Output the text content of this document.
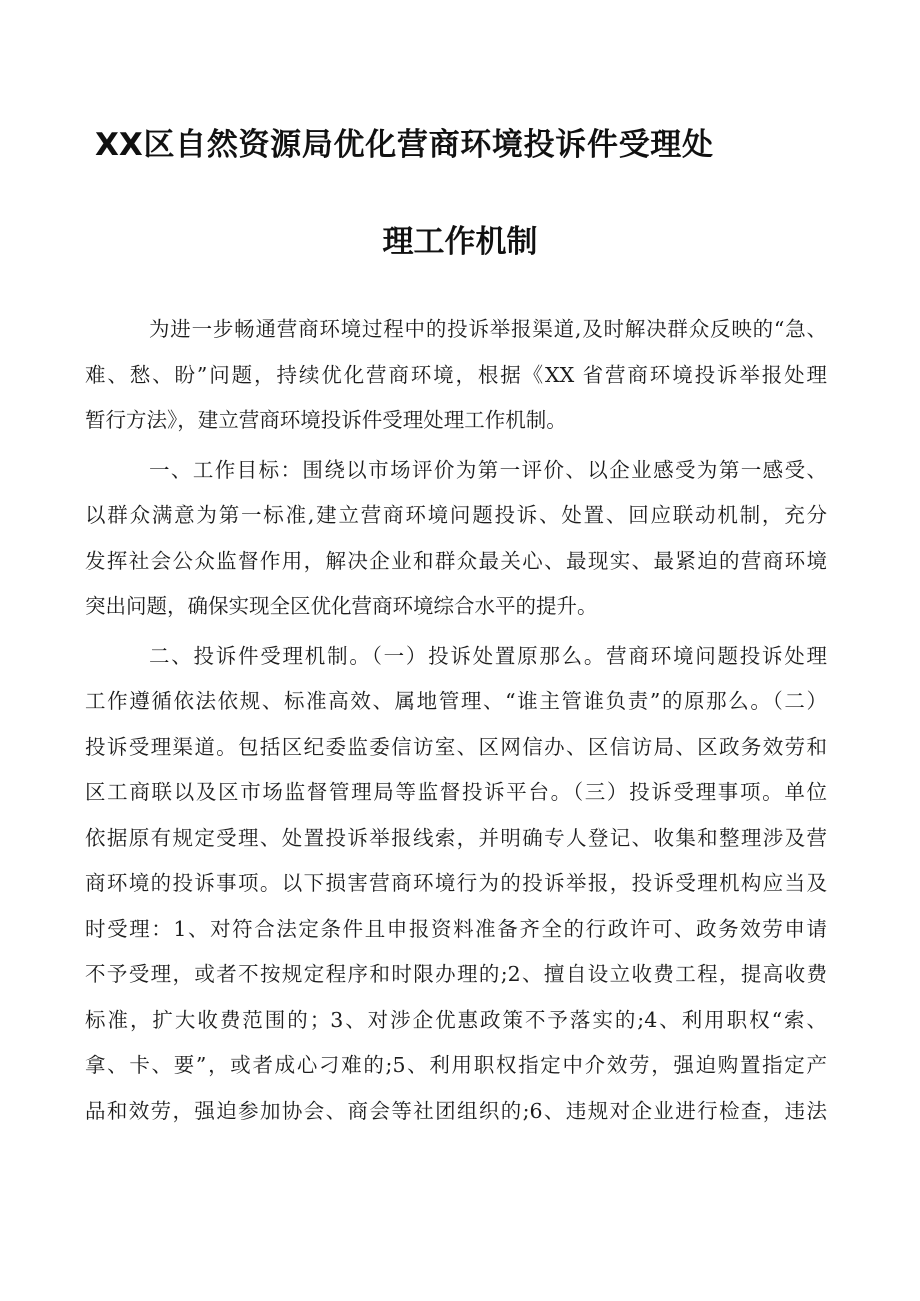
XX区自然资源局优化营商环境投诉件受理处
理工作机制
为进一步畅通营商环境过程中的投诉举报渠道,及时解决群众反映的“急、
难、愁、盼”问题，持续优化营商环境，根据《XX 省营商环境投诉举报处理
暂行方法》，建立营商环境投诉件受理处理工作机制。
一、工作目标：围绕以市场评价为第一评价、以企业感受为第一感受、
以群众满意为第一标准,建立营商环境问题投诉、处置、回应联动机制，充分
发挥社会公众监督作用，解决企业和群众最关心、最现实、最紧迫的营商环境
突出问题，确保实现全区优化营商环境综合水平的提升。
二、投诉件受理机制。（一）投诉处置原那么。营商环境问题投诉处理
工作遵循依法依规、标准高效、属地管理、“谁主管谁负责”的原那么。（二）
投诉受理渠道。包括区纪委监委信访室、区网信办、区信访局、区政务效劳和
区工商联以及区市场监督管理局等监督投诉平台。（三）投诉受理事项。单位
依据原有规定受理、处置投诉举报线索，并明确专人登记、收集和整理涉及营
商环境的投诉事项。以下损害营商环境行为的投诉举报，投诉受理机构应当及
时受理：1、对符合法定条件且申报资料准备齐全的行政许可、政务效劳申请
不予受理，或者不按规定程序和时限办理的;2、擅自设立收费工程，提高收费
标准，扩大收费范围的；3、对涉企优惠政策不予落实的;4、利用职权“索、
拿、卡、要”，或者成心刁难的;5、利用职权指定中介效劳，强迫购置指定产
品和效劳，强迫参加协会、商会等社团组织的;6、违规对企业进行检查，违法
